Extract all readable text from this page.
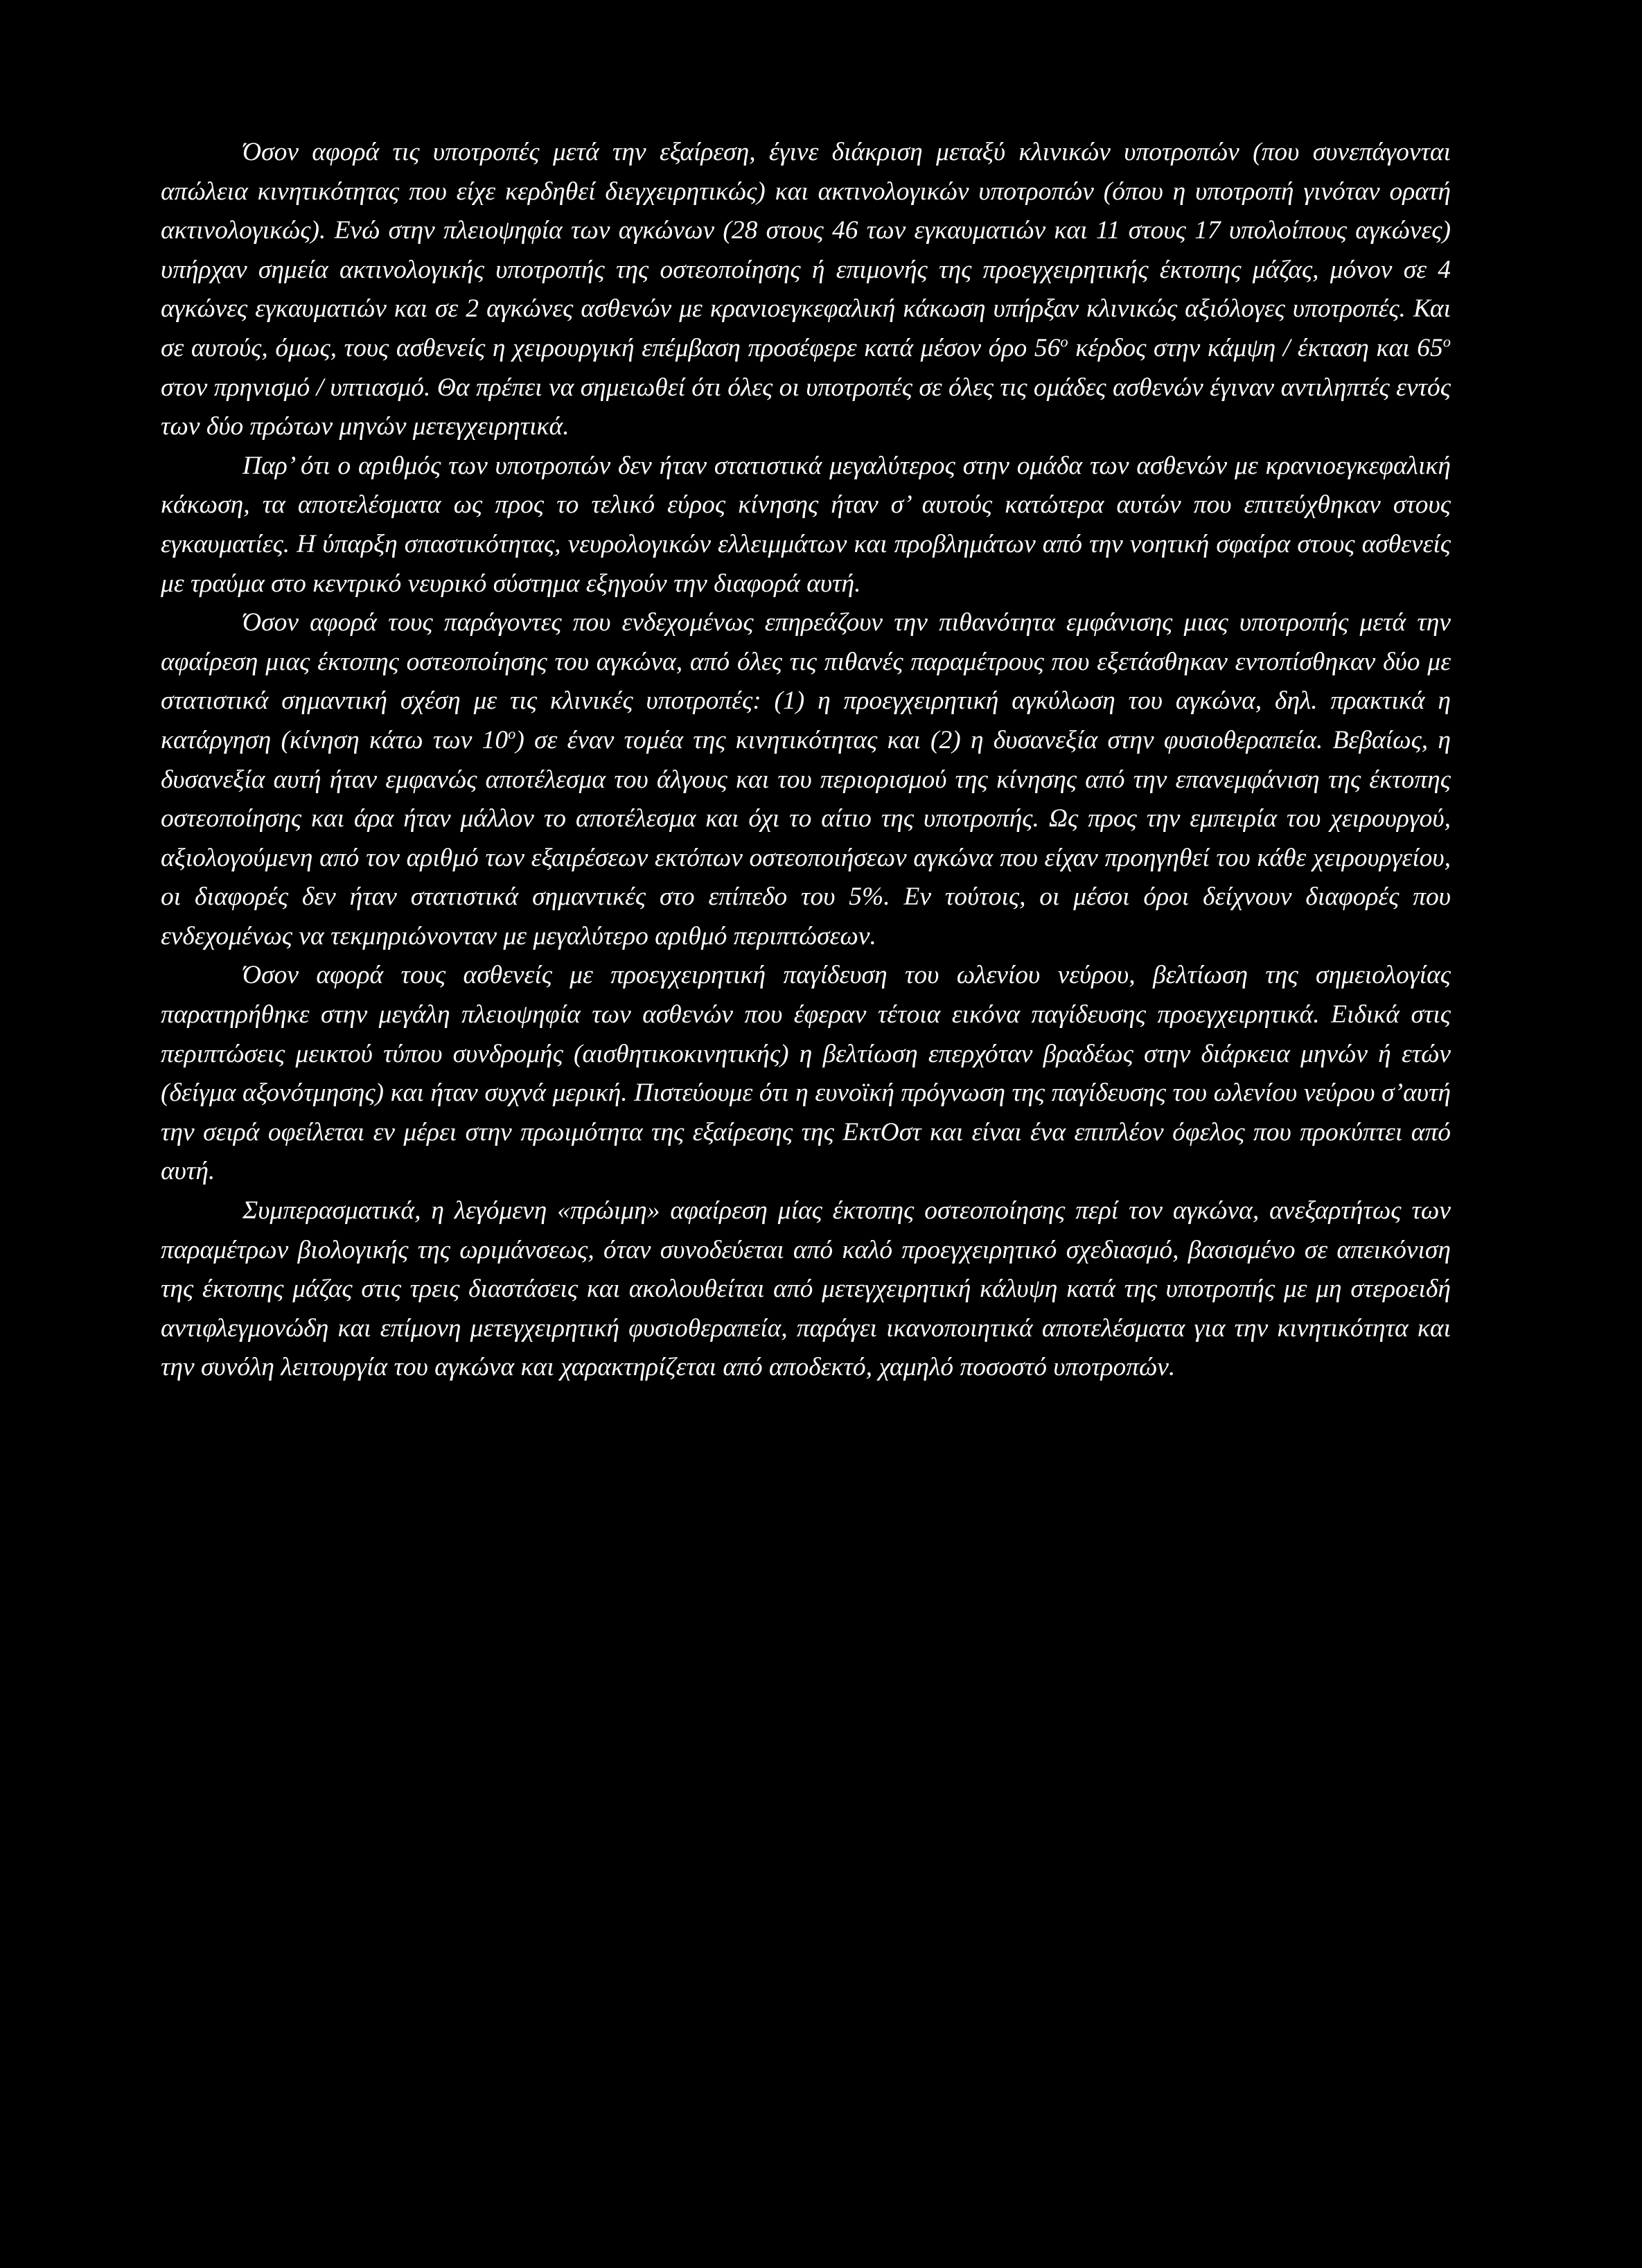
Όσον αφορά τις υποτροπές μετά την εξαίρεση, έγινε διάκριση μεταξύ κλινικών υποτροπών (που συνεπάγονται απώλεια κινητικότητας που είχε κερδηθεί διεγχειρητικώς) και ακτινολογικών υποτροπών (όπου η υποτροπή γινόταν ορατή ακτινολογικώς). Ενώ στην πλειοψηφία των αγκώνων (28 στους 46 των εγκαυματιών και 11 στους 17 υπολοίπους αγκώνες) υπήρχαν σημεία ακτινολογικής υποτροπής της οστεοποίησης ή επιμονής της προεγχειρητικής έκτοπης μάζας, μόνον σε 4 αγκώνες εγκαυματιών και σε 2 αγκώνες ασθενών με κρανιοεγκεφαλική κάκωση υπήρξαν κλινικώς αξιόλογες υποτροπές. Και σε αυτούς, όμως, τους ασθενείς η χειρουργική επέμβαση προσέφερε κατά μέσον όρο 56$^o$ κέρδος στην κάμψη / έκταση και 65$^o$ στον πρηνισμό / υπτιασμό. Θα πρέπει να σημειωθεί ότι όλες οι υποτροπές σε όλες τις ομάδες ασθενών έγιναν αντιληπτές εντός των δύο πρώτων μηνών μετεγχειρητικά.

Παρ’ ότι ο αριθμός των υποτροπών δεν ήταν στατιστικά μεγαλύτερος στην ομάδα των ασθενών με κρανιοεγκεφαλική κάκωση, τα αποτελέσματα ως προς το τελικό εύρος κίνησης ήταν σ’ αυτούς κατώτερα αυτών που επιτεύχθηκαν στους εγκαυματίες. Η ύπαρξη σπαστικότητας, νευρολογικών ελλειμμάτων και προβλημάτων από την νοητική σφαίρα στους ασθενείς με τραύμα στο κεντρικό νευρικό σύστημα εξηγούν την διαφορά αυτή.

Όσον αφορά τους παράγοντες που ενδεχομένως επηρεάζουν την πιθανότητα εμφάνισης μιας υποτροπής μετά την αφαίρεση μιας έκτοπης οστεοποίησης του αγκώνα, από όλες τις πιθανές παραμέτρους που εξετάσθηκαν εντοπίσθηκαν δύο με στατιστικά σημαντική σχέση με τις κλινικές υποτροπές: (1) η προεγχειρητική αγκύλωση του αγκώνα, δηλ. πρακτικά η κατάργηση (κίνηση κάτω των 10$^o$) σε έναν τομέα της κινητικότητας και (2) η δυσανεξία στην φυσιοθεραπεία. Βεβαίως, η δυσανεξία αυτή ήταν εμφανώς αποτέλεσμα του άλγους και του περιορισμού της κίνησης από την επανεμφάνιση της έκτοπης οστεοποίησης και άρα ήταν μάλλον το αποτέλεσμα και όχι το αίτιο της υποτροπής. Ως προς την εμπειρία του χειρουργού, αξιολογούμενη από τον αριθμό των εξαιρέσεων εκτόπων οστεοποιήσεων αγκώνα που είχαν προηγηθεί του κάθε χειρουργείου, οι διαφορές δεν ήταν στατιστικά σημαντικές στο επίπεδο του 5%. Εν τούτοις, οι μέσοι όροι δείχνουν διαφορές που ενδεχομένως να τεκμηριώνονταν με μεγαλύτερο αριθμό περιπτώσεων.

Όσον αφορά τους ασθενείς με προεγχειρητική παγίδευση του ωλενίου νεύρου, βελτίωση της σημειολογίας παρατηρήθηκε στην μεγάλη πλειοψηφία των ασθενών που έφεραν τέτοια εικόνα παγίδευσης προεγχειρητικά. Ειδικά στις περιπτώσεις μεικτού τύπου συνδρομής (αισθητικοκινητικής) η βελτίωση επερχόταν βραδέως στην διάρκεια μηνών ή ετών (δείγμα αξονότμησης) και ήταν συχνά μερική. Πιστεύουμε ότι η ευνοϊκή πρόγνωση της παγίδευσης του ωλενίου νεύρου σ’αυτή την σειρά οφείλεται εν μέρει στην πρωιμότητα της εξαίρεσης της ΕκτΟστ και είναι ένα επιπλέον όφελος που προκύπτει από αυτή.

Συμπερασματικά, η λεγόμενη «πρώιμη» αφαίρεση μίας έκτοπης οστεοποίησης περί τον αγκώνα, ανεξαρτήτως των παραμέτρων βιολογικής της ωριμάνσεως, όταν συνοδεύεται από καλό προεγχειρητικό σχεδιασμό, βασισμένο σε απεικόνιση της έκτοπης μάζας στις τρεις διαστάσεις και ακολουθείται από μετεγχειρητική κάλυψη κατά της υποτροπής με μη στεροειδή αντιφλεγμονώδη και επίμονη μετεγχειρητική φυσιοθεραπεία, παράγει ικανοποιητικά αποτελέσματα για την κινητικότητα και την συνόλη λειτουργία του αγκώνα και χαρακτηρίζεται από αποδεκτό, χαμηλό ποσοστό υποτροπών.
